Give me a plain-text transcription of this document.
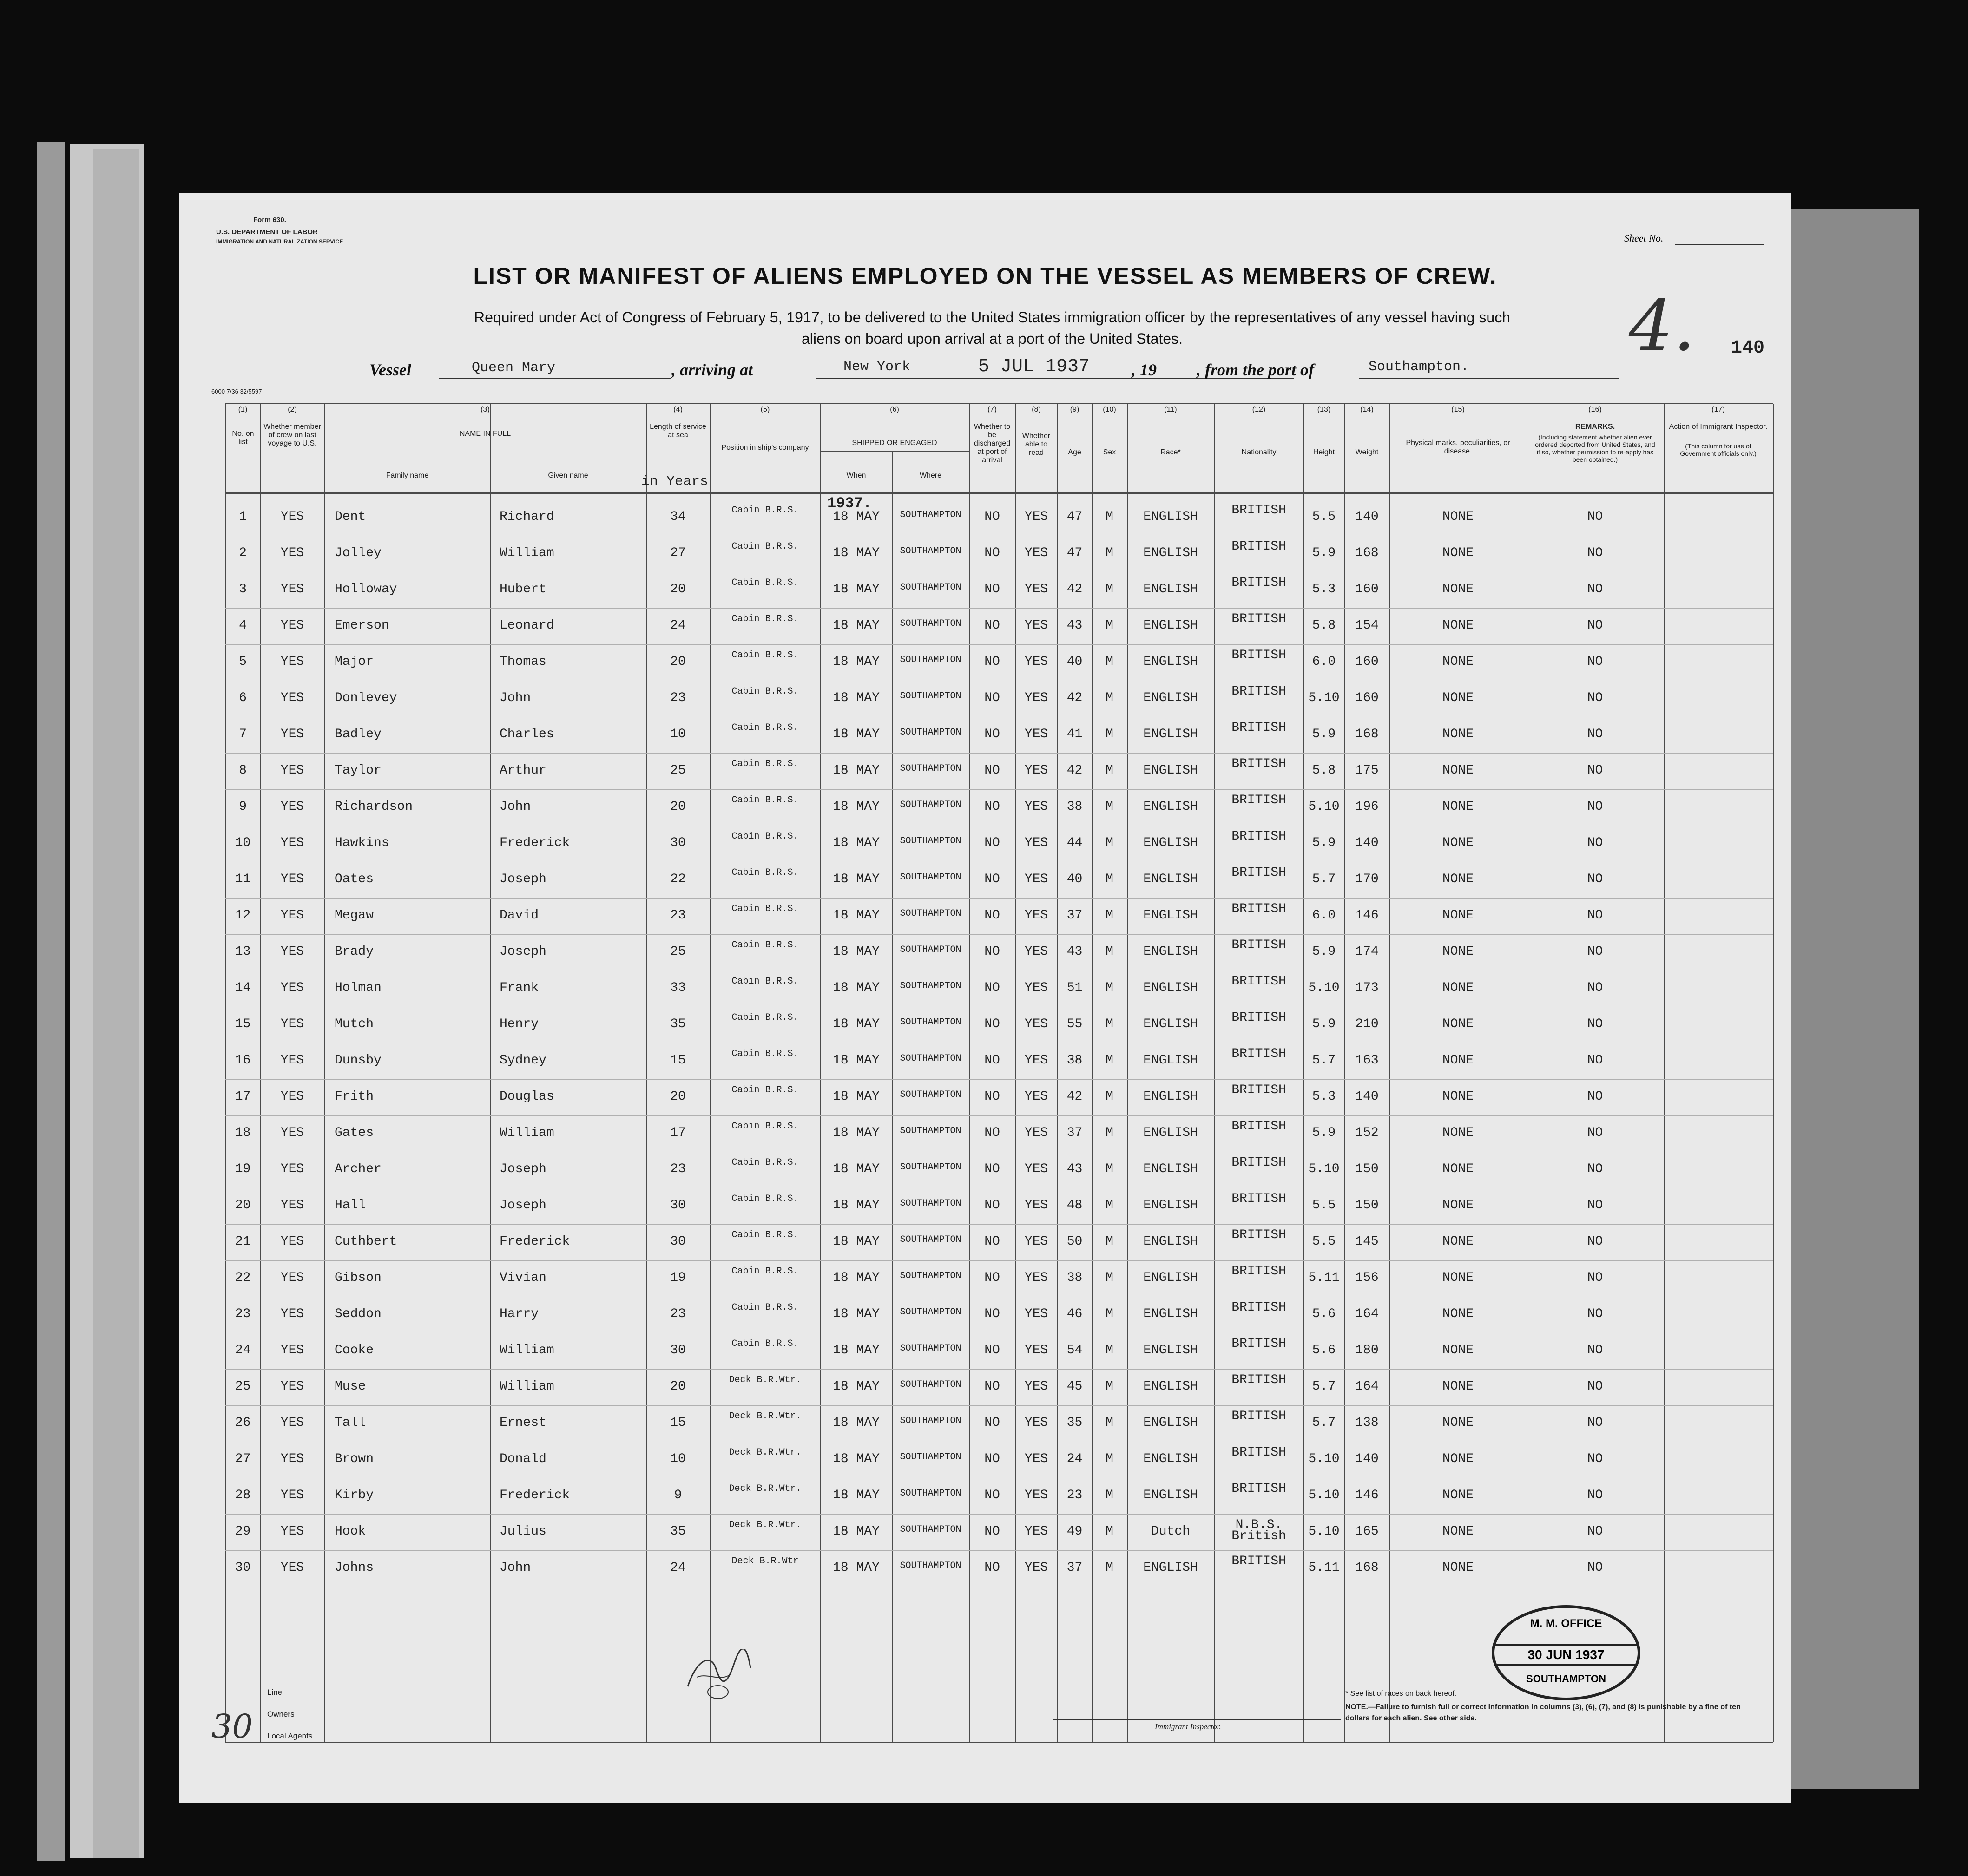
Form 630.
U.S. DEPARTMENT OF LABOR
IMMIGRATION AND NATURALIZATION SERVICE	Sheet No.
LIST OR MANIFEST OF ALIENS EMPLOYED ON THE VESSEL AS MEMBERS OF CREW.
Required under Act of Congress of February 5, 1917, to be delivered to the United States immigration officer by the representatives of any vessel having such
aliens on board upon arrival at a port of the United States.	4. 140
Vessel	Queen Mary	, arriving at	New York	5 JUL 1937 , 19 , from the port of	Southampton.
6000 7/36 32/5597
(1)	(2)	(3)	(4)	(5)	(6)	(7)	(8)	(9)	(10)	(11)	(12)	(13)	(14)	(15)	(16)	(17)
No. on list
Whether member of crew on last voyage to U.S.
NAME IN FULL
Family name	Given name
Length of service at sea
in Years
Position in ship's company
SHIPPED OR ENGAGED
When	Where
Whether to be discharged at port of arrival
Whether able to read	Age	Sex	Race*	Nationality	Height	Weight
Physical marks, peculiarities, or disease.
REMARKS.
(Including statement whether alien ever ordered deported from United States, and if so, whether permission to re-apply has been obtained.)
Action of Immigrant Inspector.
(This column for use of Government officials only.)
1937.
1	YES	Dent	Richard	34	Cabin B.R.S.	18 MAY	SOUTHAMPTON	NO	YES	47	M	ENGLISH	BRITISH	5.5	140	NONE	NO
2	YES	Jolley	William	27	Cabin B.R.S.	18 MAY	SOUTHAMPTON	NO	YES	47	M	ENGLISH	BRITISH	5.9	168	NONE	NO
3	YES	Holloway	Hubert	20	Cabin B.R.S.	18 MAY	SOUTHAMPTON	NO	YES	42	M	ENGLISH	BRITISH	5.3	160	NONE	NO
4	YES	Emerson	Leonard	24	Cabin B.R.S.	18 MAY	SOUTHAMPTON	NO	YES	43	M	ENGLISH	BRITISH	5.8	154	NONE	NO
5	YES	Major	Thomas	20	Cabin B.R.S.	18 MAY	SOUTHAMPTON	NO	YES	40	M	ENGLISH	BRITISH	6.0	160	NONE	NO
6	YES	Donlevey	John	23	Cabin B.R.S.	18 MAY	SOUTHAMPTON	NO	YES	42	M	ENGLISH	BRITISH	5.10	160	NONE	NO
7	YES	Badley	Charles	10	Cabin B.R.S.	18 MAY	SOUTHAMPTON	NO	YES	41	M	ENGLISH	BRITISH	5.9	168	NONE	NO
8	YES	Taylor	Arthur	25	Cabin B.R.S.	18 MAY	SOUTHAMPTON	NO	YES	42	M	ENGLISH	BRITISH	5.8	175	NONE	NO
9	YES	Richardson	John	20	Cabin B.R.S.	18 MAY	SOUTHAMPTON	NO	YES	38	M	ENGLISH	BRITISH	5.10	196	NONE	NO
10	YES	Hawkins	Frederick	30	Cabin B.R.S.	18 MAY	SOUTHAMPTON	NO	YES	44	M	ENGLISH	BRITISH	5.9	140	NONE	NO
11	YES	Oates	Joseph	22	Cabin B.R.S.	18 MAY	SOUTHAMPTON	NO	YES	40	M	ENGLISH	BRITISH	5.7	170	NONE	NO
12	YES	Megaw	David	23	Cabin B.R.S.	18 MAY	SOUTHAMPTON	NO	YES	37	M	ENGLISH	BRITISH	6.0	146	NONE	NO
13	YES	Brady	Joseph	25	Cabin B.R.S.	18 MAY	SOUTHAMPTON	NO	YES	43	M	ENGLISH	BRITISH	5.9	174	NONE	NO
14	YES	Holman	Frank	33	Cabin B.R.S.	18 MAY	SOUTHAMPTON	NO	YES	51	M	ENGLISH	BRITISH	5.10	173	NONE	NO
15	YES	Mutch	Henry	35	Cabin B.R.S.	18 MAY	SOUTHAMPTON	NO	YES	55	M	ENGLISH	BRITISH	5.9	210	NONE	NO
16	YES	Dunsby	Sydney	15	Cabin B.R.S.	18 MAY	SOUTHAMPTON	NO	YES	38	M	ENGLISH	BRITISH	5.7	163	NONE	NO
17	YES	Frith	Douglas	20	Cabin B.R.S.	18 MAY	SOUTHAMPTON	NO	YES	42	M	ENGLISH	BRITISH	5.3	140	NONE	NO
18	YES	Gates	William	17	Cabin B.R.S.	18 MAY	SOUTHAMPTON	NO	YES	37	M	ENGLISH	BRITISH	5.9	152	NONE	NO
19	YES	Archer	Joseph	23	Cabin B.R.S.	18 MAY	SOUTHAMPTON	NO	YES	43	M	ENGLISH	BRITISH	5.10	150	NONE	NO
20	YES	Hall	Joseph	30	Cabin B.R.S.	18 MAY	SOUTHAMPTON	NO	YES	48	M	ENGLISH	BRITISH	5.5	150	NONE	NO
21	YES	Cuthbert	Frederick	30	Cabin B.R.S.	18 MAY	SOUTHAMPTON	NO	YES	50	M	ENGLISH	BRITISH	5.5	145	NONE	NO
22	YES	Gibson	Vivian	19	Cabin B.R.S.	18 MAY	SOUTHAMPTON	NO	YES	38	M	ENGLISH	BRITISH	5.11	156	NONE	NO
23	YES	Seddon	Harry	23	Cabin B.R.S.	18 MAY	SOUTHAMPTON	NO	YES	46	M	ENGLISH	BRITISH	5.6	164	NONE	NO
24	YES	Cooke	William	30	Cabin B.R.S.	18 MAY	SOUTHAMPTON	NO	YES	54	M	ENGLISH	BRITISH	5.6	180	NONE	NO
25	YES	Muse	William	20	Deck B.R.Wtr.	18 MAY	SOUTHAMPTON	NO	YES	45	M	ENGLISH	BRITISH	5.7	164	NONE	NO
26	YES	Tall	Ernest	15	Deck B.R.Wtr.	18 MAY	SOUTHAMPTON	NO	YES	35	M	ENGLISH	BRITISH	5.7	138	NONE	NO
27	YES	Brown	Donald	10	Deck B.R.Wtr.	18 MAY	SOUTHAMPTON	NO	YES	24	M	ENGLISH	BRITISH	5.10	140	NONE	NO
28	YES	Kirby	Frederick	9	Deck B.R.Wtr.	18 MAY	SOUTHAMPTON	NO	YES	23	M	ENGLISH	BRITISH	5.10	146	NONE	NO
29	YES	Hook	Julius	35	Deck B.R.Wtr.	18 MAY	SOUTHAMPTON	NO	YES	49	M	Dutch	N.B.S. British	5.10	165	NONE	NO
30	YES	Johns	John	24	Deck B.R.Wtr	18 MAY	SOUTHAMPTON	NO	YES	37	M	ENGLISH	BRITISH	5.11	168	NONE	NO
Line
Owners
Local Agents
30	Immigrant Inspector.
* See list of races on back hereof.
NOTE.—Failure to furnish full or correct information in columns (3), (6), (7), and (8) is punishable by a fine of ten dollars for each alien. See other side.
M. M. OFFICE
30 JUN 1937
SOUTHAMPTON
